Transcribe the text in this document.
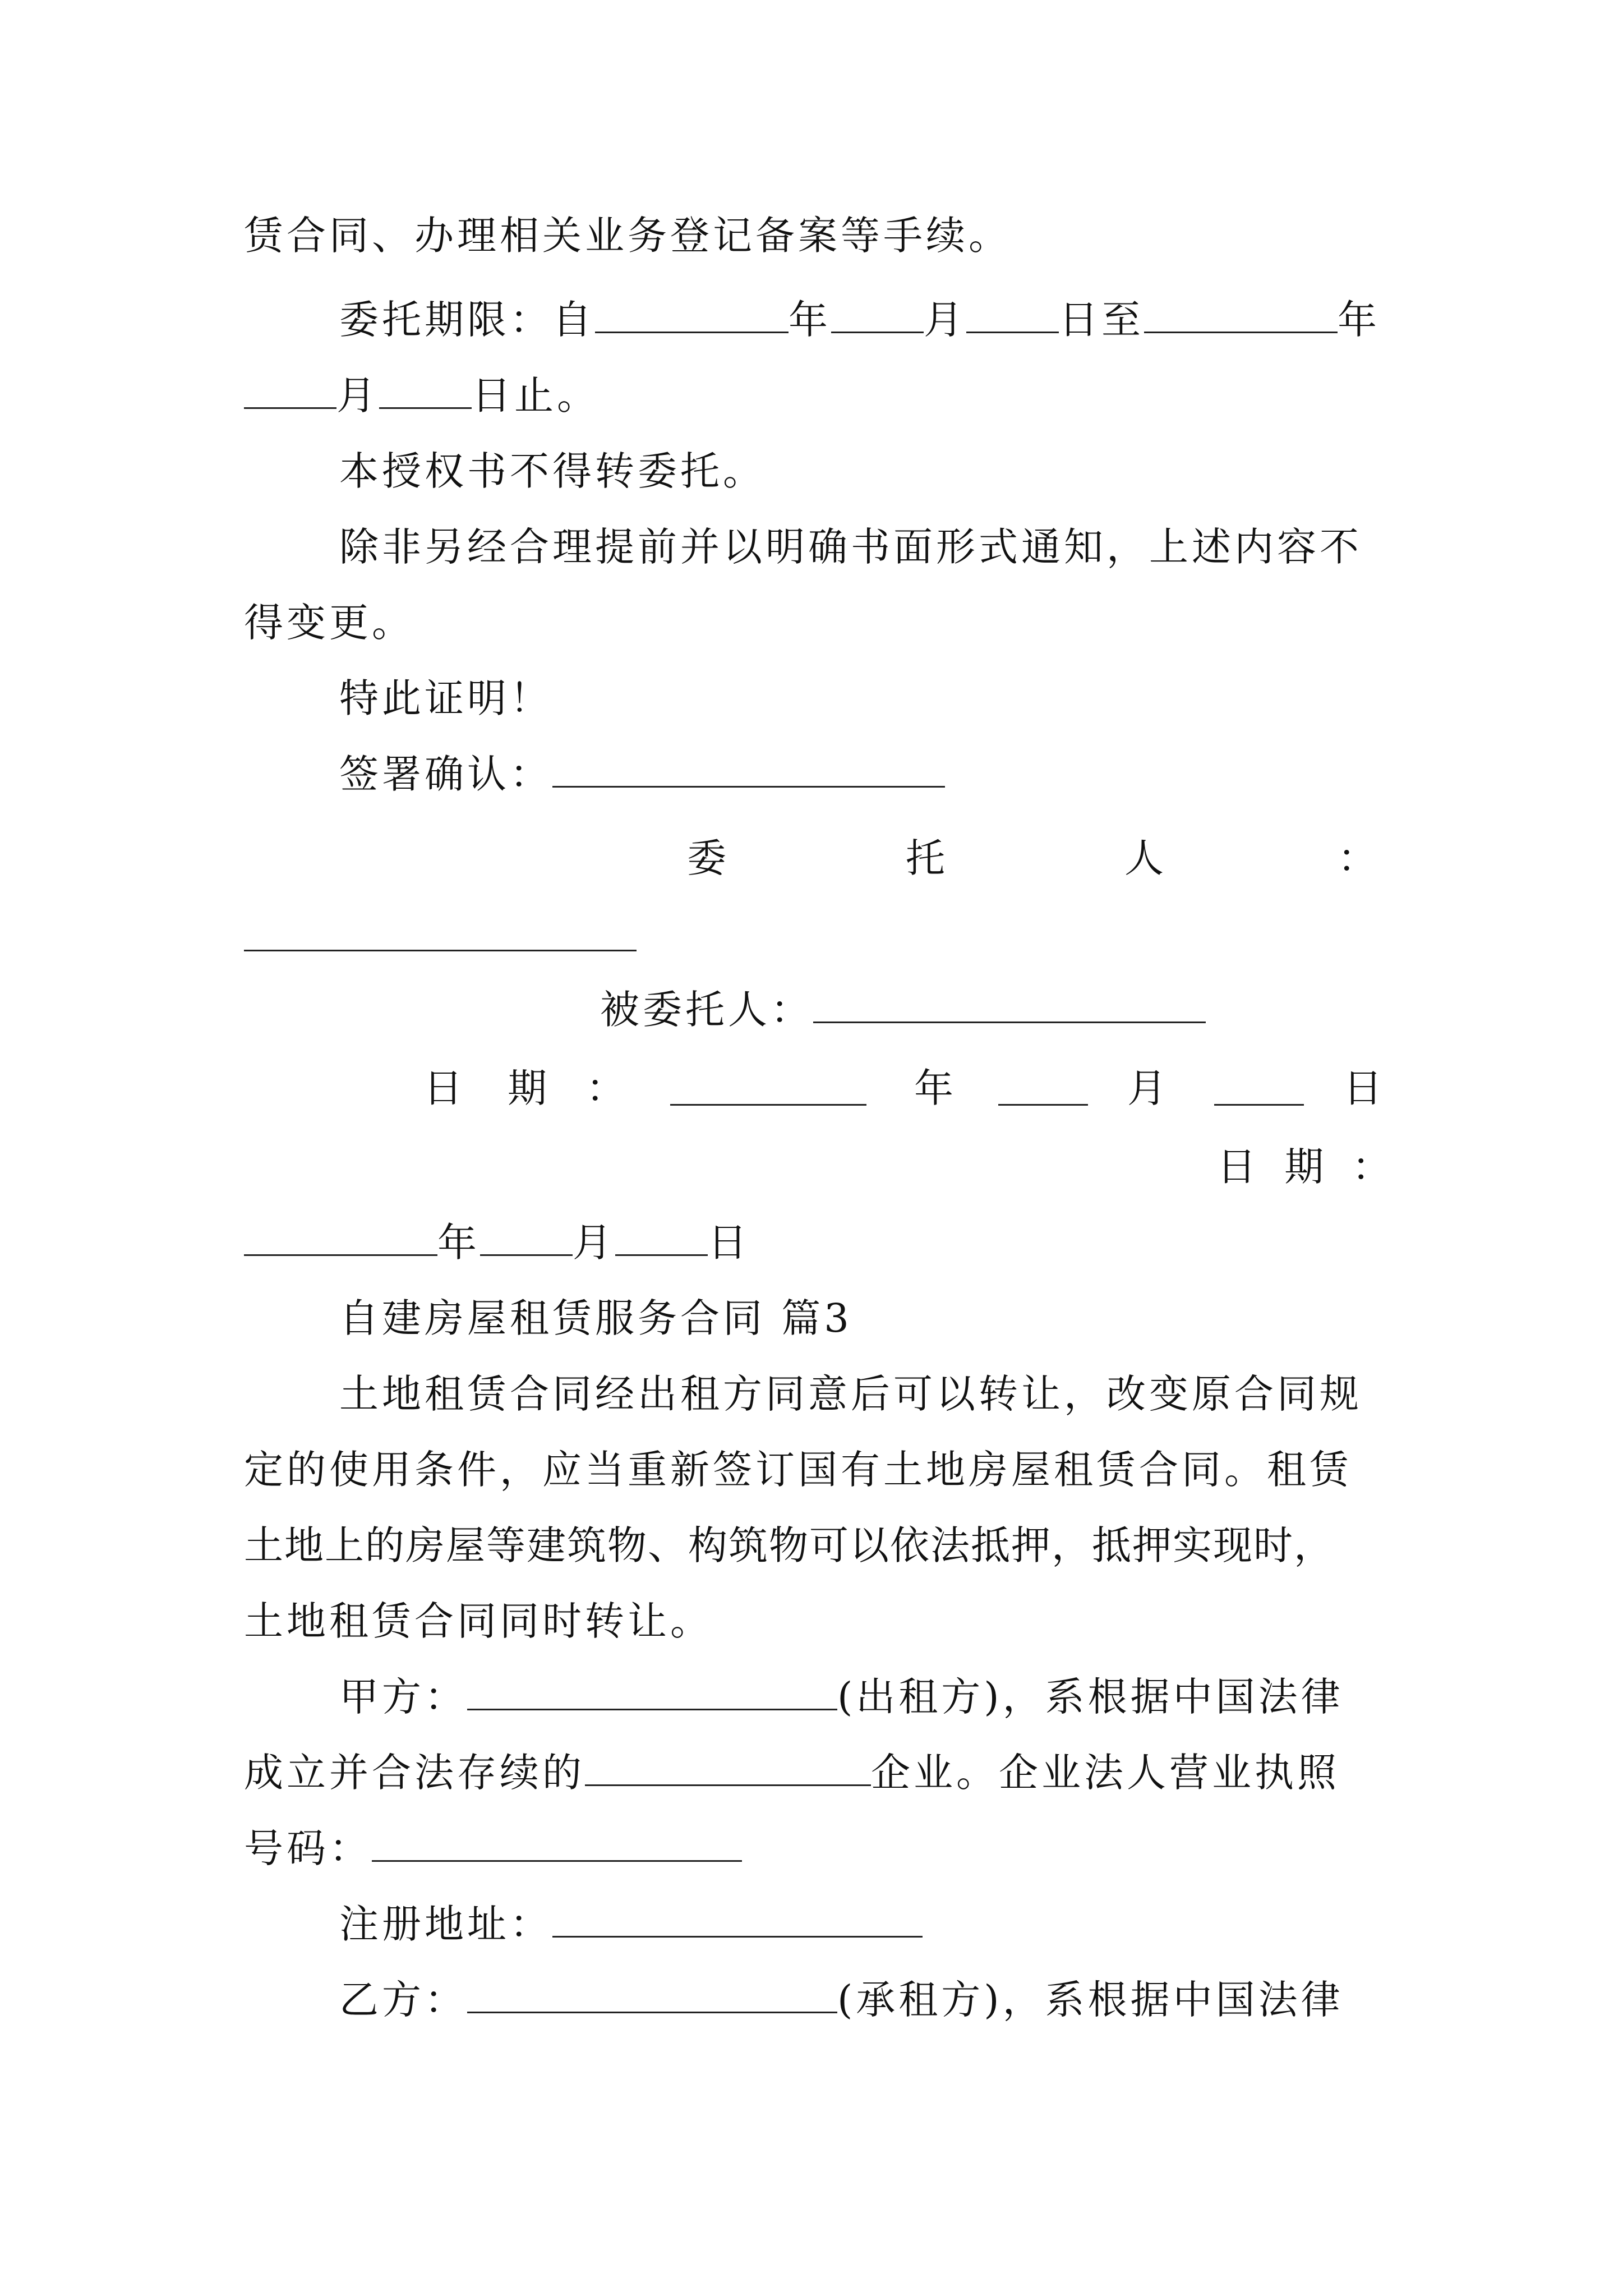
赁合同、办理相关业务登记备案等手续。
委托期限：自	年 月 日至	年
月 日止。
本授权书不得转委托。
除非另经合理提前并以明确书面形式通知，上述内容不
得变更。
特此证明！
签署确认：
委	托	人	：
被委托人：
日 期 ：	年	月	日
日 期 ：
年 月 日
自建房屋租赁服务合同 篇3
土地租赁合同经出租方同意后可以转让，改变原合同规
定的使用条件，应当重新签订国有土地房屋租赁合同。租赁
土地上的房屋等建筑物、构筑物可以依法抵押，抵押实现时，
土地租赁合同同时转让。
甲方：	(出租方)，系根据中国法律
成立并合法存续的	企业。企业法人营业执照
号码：
注册地址：
乙方：	(承租方)，系根据中国法律
